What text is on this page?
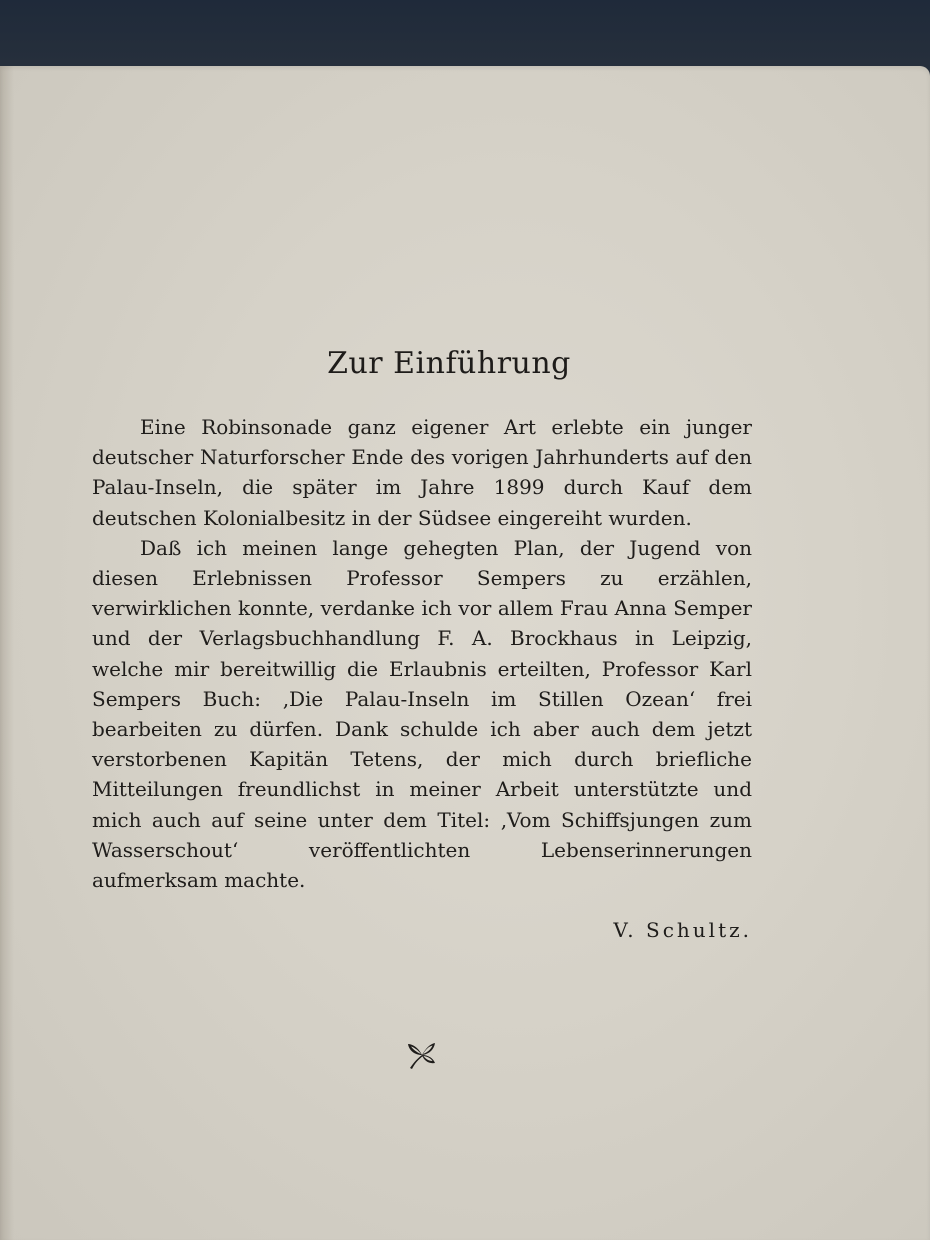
Zur Einführung

Eine Robinsonade ganz eigener Art erlebte ein junger deutscher Naturforscher Ende des vorigen Jahrhunderts auf den Palau-Inseln, die später im Jahre 1899 durch Kauf dem deutschen Kolonialbesitz in der Südsee eingereiht wurden.

Daß ich meinen lange gehegten Plan, der Jugend von diesen Erlebnissen Professor Sempers zu erzählen, verwirklichen konnte, verdanke ich vor allem Frau Anna Semper und der Verlagsbuchhandlung F. A. Brockhaus in Leipzig, welche mir bereitwillig die Erlaubnis erteilten, Professor Karl Sempers Buch: ‚Die Palau-Inseln im Stillen Ozean‘ frei bearbeiten zu dürfen. Dank schulde ich aber auch dem jetzt verstorbenen Kapitän Tetens, der mich durch briefliche Mitteilungen freundlichst in meiner Arbeit unterstützte und mich auch auf seine unter dem Titel: ‚Vom Schiffsjungen zum Wasserschout‘ veröffentlichten Lebenserinnerungen aufmerksam machte.

V. Schultz.
